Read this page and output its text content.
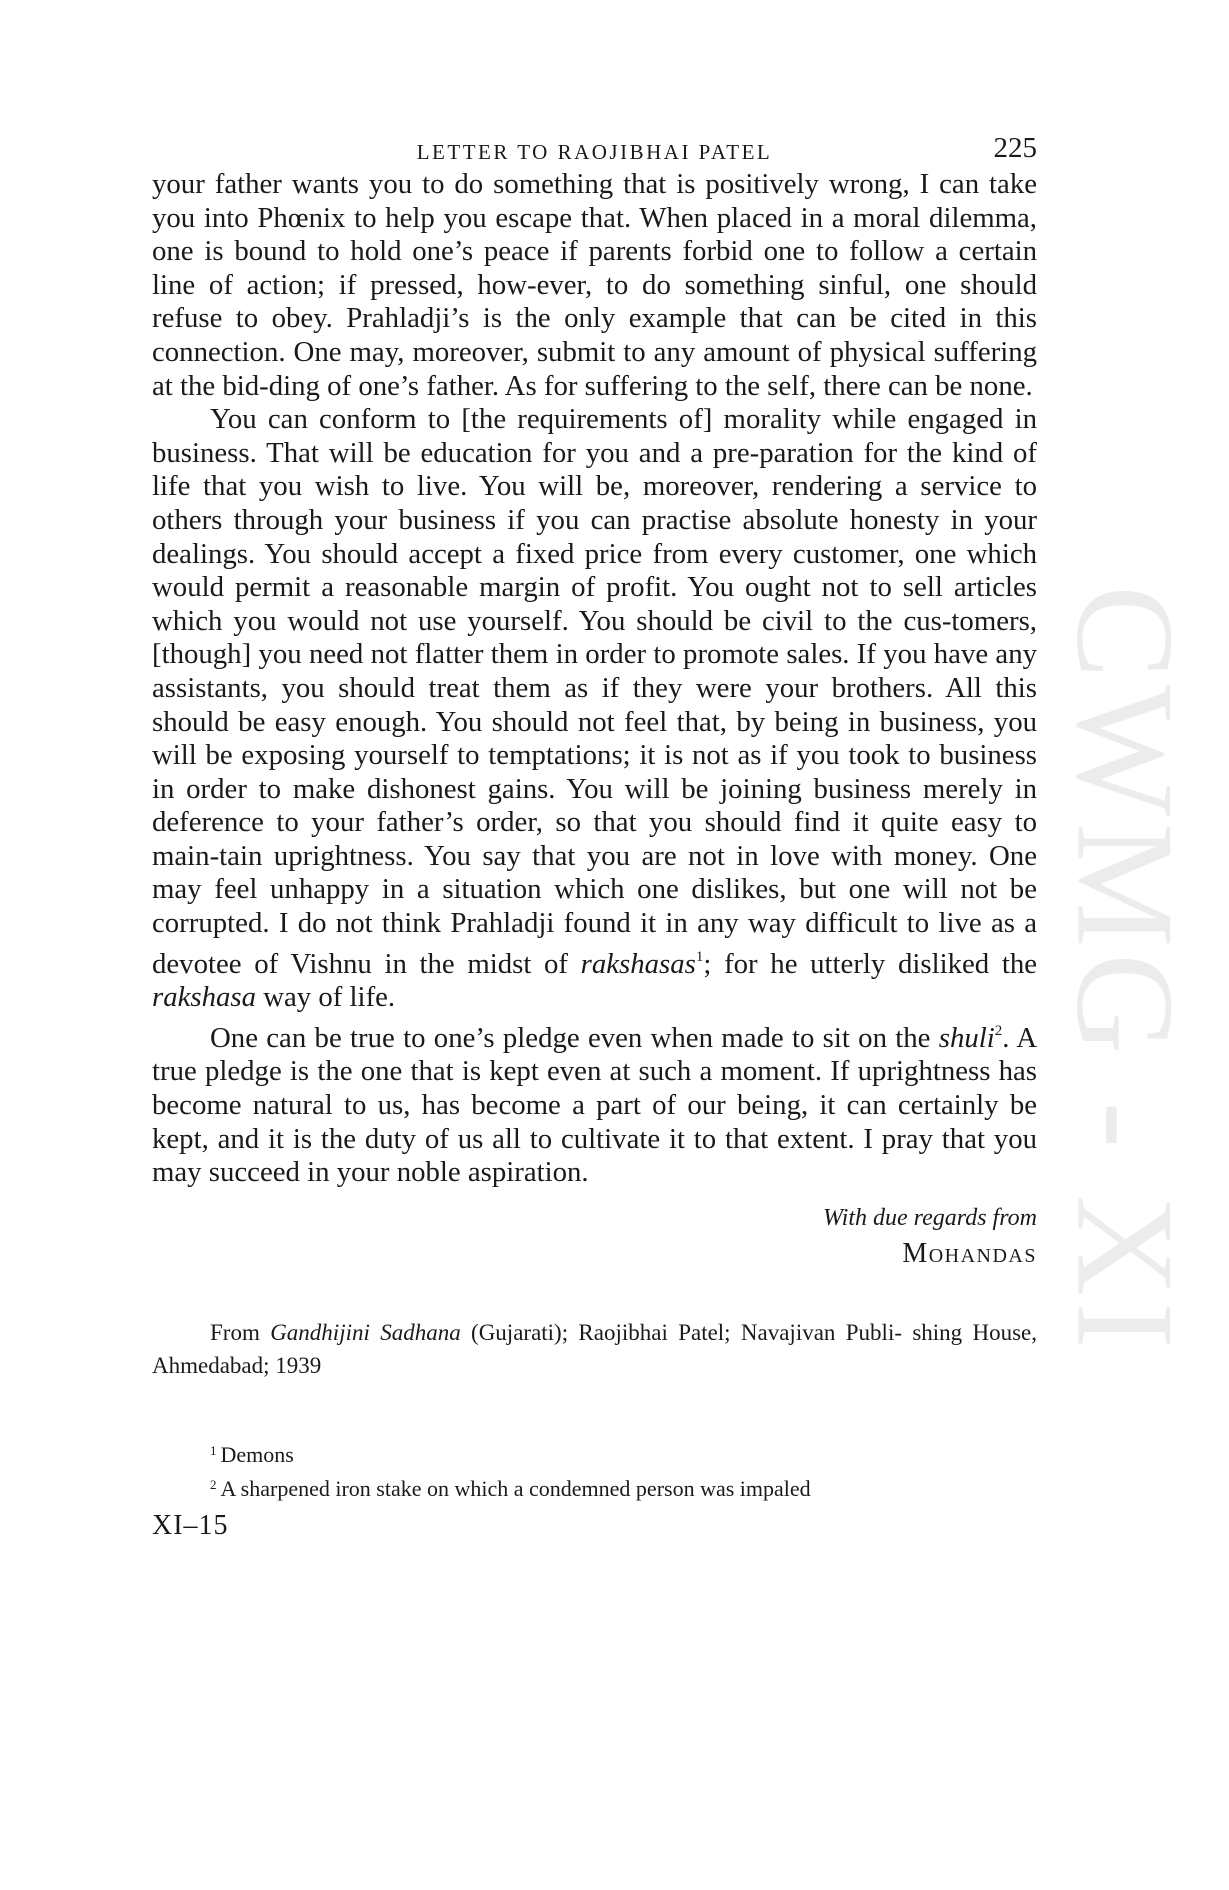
CWMG - XI
LETTER TO RAOJIBHAI PATEL	225

your father wants you to do something that is positively wrong, I can take you into Phœnix to help you escape that. When placed in a moral dilemma, one is bound to hold one’s peace if parents forbid one to follow a certain line of action; if pressed, how-ever, to do something sinful, one should refuse to obey. Prahladji’s is the only example that can be cited in this connection. One may, moreover, submit to any amount of physical suffering at the bid-ding of one’s father. As for suffering to the self, there can be none.

You can conform to [the requirements of] morality while engaged in business. That will be education for you and a pre-paration for the kind of life that you wish to live. You will be, moreover, rendering a service to others through your business if you can practise absolute honesty in your dealings. You should accept a fixed price from every customer, one which would permit a reasonable margin of profit. You ought not to sell articles which you would not use yourself. You should be civil to the cus-tomers, [though] you need not flatter them in order to promote sales. If you have any assistants, you should treat them as if they were your brothers. All this should be easy enough. You should not feel that, by being in business, you will be exposing yourself to temptations; it is not as if you took to business in order to make dishonest gains. You will be joining business merely in deference to your father’s order, so that you should find it quite easy to main-tain uprightness. You say that you are not in love with money. One may feel unhappy in a situation which one dislikes, but one will not be corrupted. I do not think Prahladji found it in any way difficult to live as a devotee of Vishnu in the midst of rakshasas$^1$; for he utterly disliked the rakshasa way of life.

One can be true to one’s pledge even when made to sit on the shuli$^2$. A true pledge is the one that is kept even at such a moment. If uprightness has become natural to us, has become a part of our being, it can certainly be kept, and it is the duty of us all to cultivate it to that extent. I pray that you may succeed in your noble aspiration.

With due regards from
Mohandas
From Gandhijini Sadhana (Gujarati); Raojibhai Patel; Navajivan Publi- shing House, Ahmedabad; 1939
$^1$ Demons
$^2$ A sharpened iron stake on which a condemned person was impaled
XI–15
